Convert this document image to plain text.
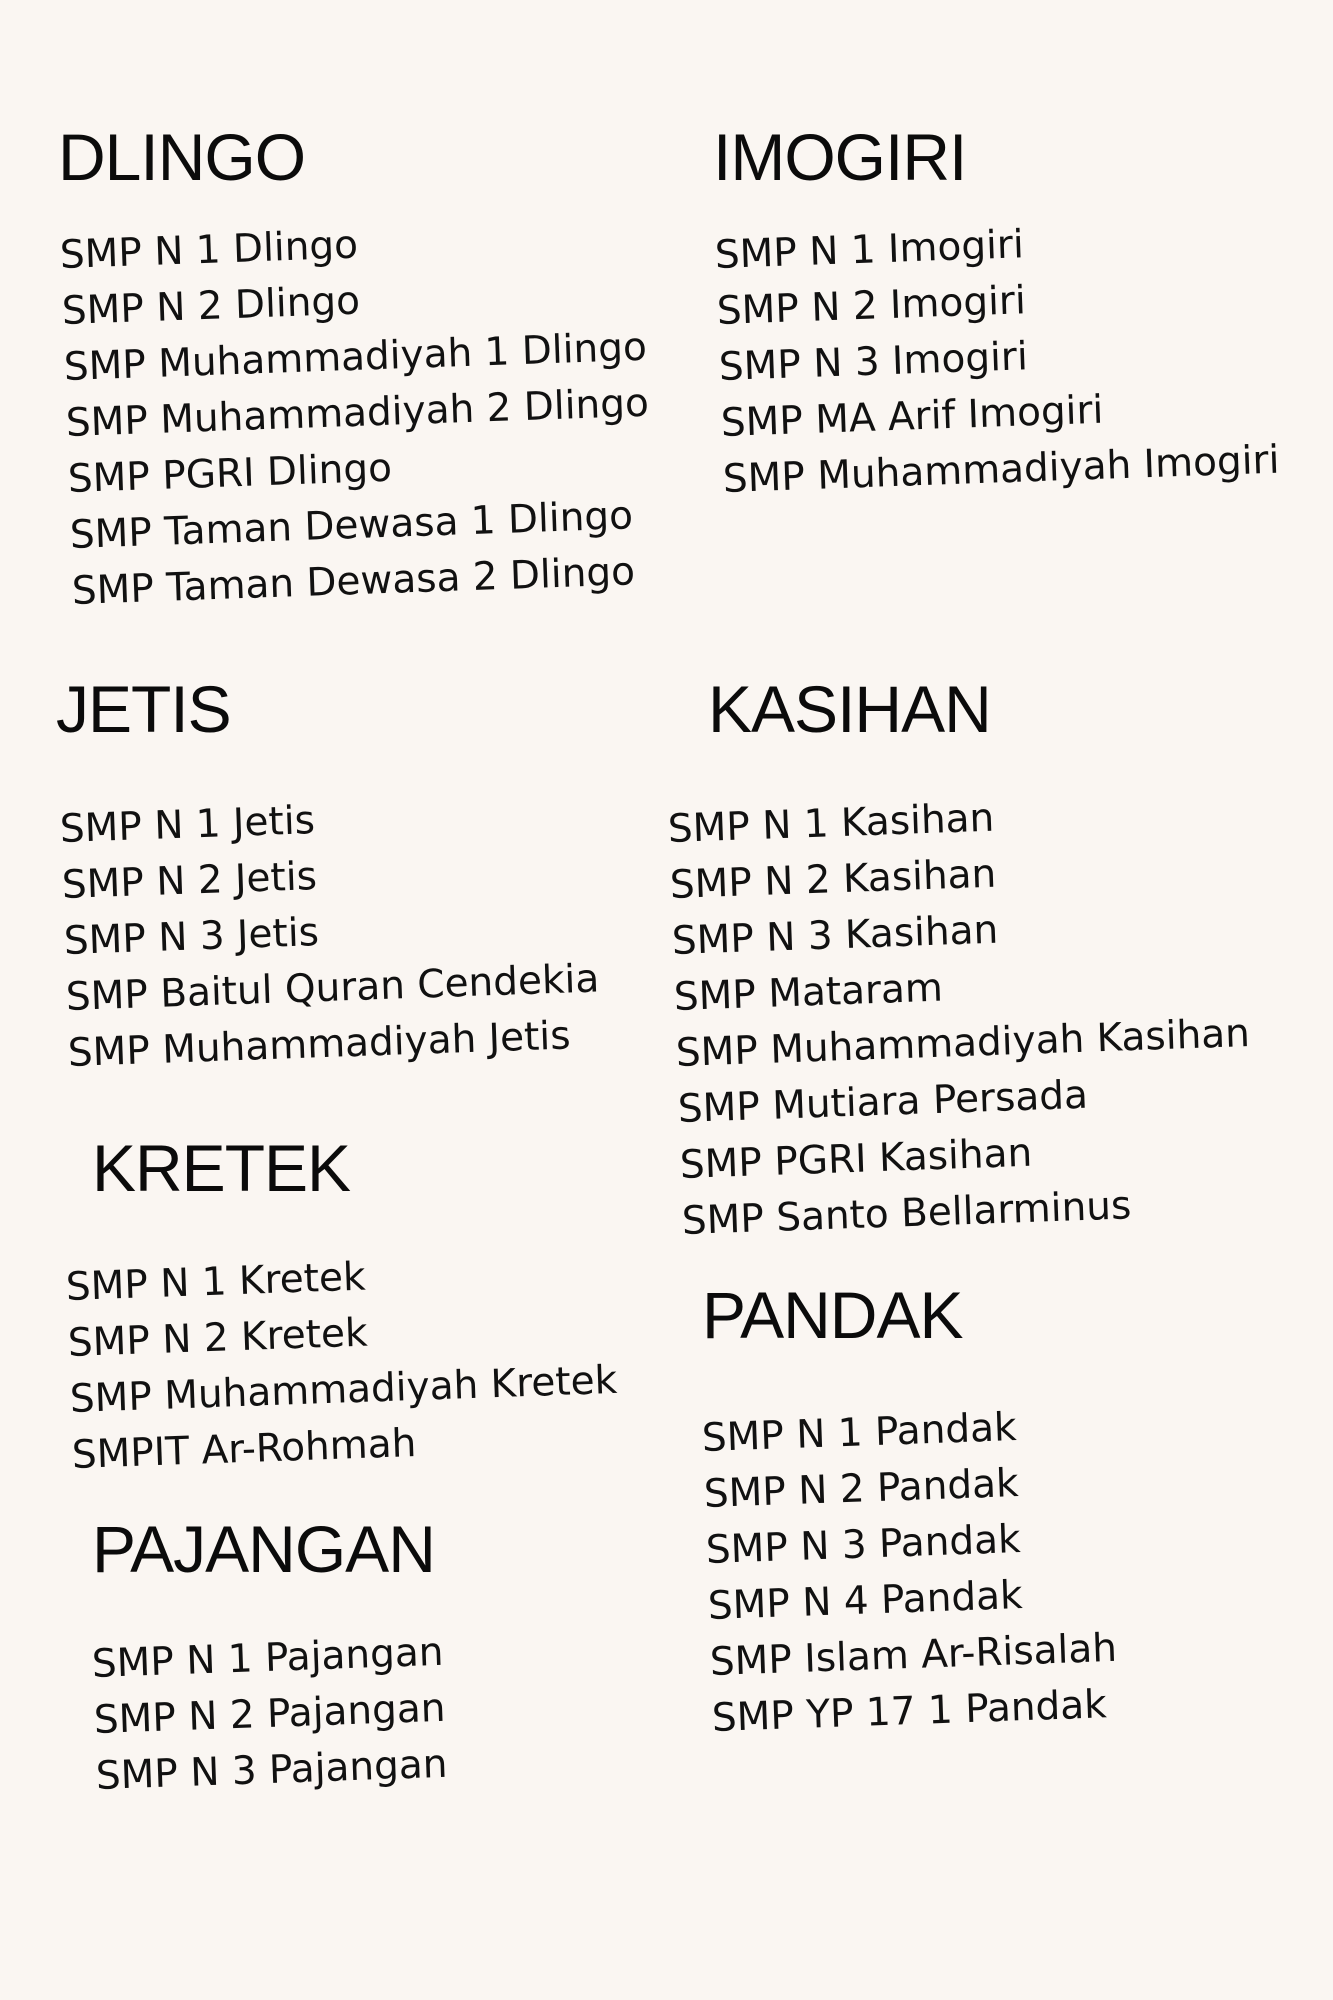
DLINGO
SMP N 1 Dlingo
SMP N 2 Dlingo
SMP Muhammadiyah 1 Dlingo
SMP Muhammadiyah 2 Dlingo
SMP PGRI Dlingo
SMP Taman Dewasa 1 Dlingo
SMP Taman Dewasa 2 Dlingo
IMOGIRI
SMP N 1 Imogiri
SMP N 2 Imogiri
SMP N 3 Imogiri
SMP MA Arif Imogiri
SMP Muhammadiyah Imogiri
JETIS
SMP N 1 Jetis
SMP N 2 Jetis
SMP N 3 Jetis
SMP Baitul Quran Cendekia
SMP Muhammadiyah Jetis
KASIHAN
SMP N 1 Kasihan
SMP N 2 Kasihan
SMP N 3 Kasihan
SMP Mataram
SMP Muhammadiyah Kasihan
SMP Mutiara Persada
SMP PGRI Kasihan
SMP Santo Bellarminus
KRETEK
SMP N 1 Kretek
SMP N 2 Kretek
SMP Muhammadiyah Kretek
SMPIT Ar-Rohmah
PANDAK
SMP N 1 Pandak
SMP N 2 Pandak
SMP N 3 Pandak
SMP N 4 Pandak
SMP Islam Ar-Risalah
SMP YP 17 1 Pandak
PAJANGAN
SMP N 1 Pajangan
SMP N 2 Pajangan
SMP N 3 Pajangan
